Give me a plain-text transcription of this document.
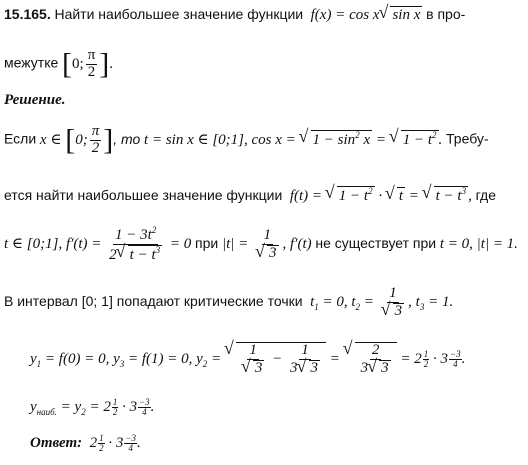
15.165. Найти наибольшее значение функции  f(x) = cos x √ sin x в про-
межутке [0; $\frac{\pi}{2}$ ].
Решение.
Если x ∈ [0; $\frac{\pi}{2}$ ], то t = sin x ∈ [0;1], cos x = √ $1 - \sin^2 x$ = √ $1 - t^2$ . Требу-
ется найти наибольшее значение функции  f(t) = √ $1 - t^2$ · √ t = √ $t - t^3$ , где
t ∈ [0;1], $f'(t) = \frac{1 - 3t^2}{2 √ t - t^3} = 0$ при |t| = 1
√ 3 , f′(t) не существует при t = 0, |t| = 1.
В интервал [0; 1] попадают критические точки  $t_1 = 0$, $t_2 = 1$
√ 3 , $t_3 = 1$.
$y_1 = f(0) = 0$, $y_3 = f(1) = 0$, $y_2$ = √ 1
√ $3 - \frac{1}{3 √ 3}$ = √ $\frac{2}{3 √ 3} = 2 \frac{1}{2} \cdot 3 \frac{-3}{4}$ .
$y_{наиб.} = y_2 = 2 \frac{1}{2} \cdot 3 \frac{-3}{4}$ .
Ответ:  $2 \frac{1}{2} \cdot 3 \frac{-3}{4}$ .
